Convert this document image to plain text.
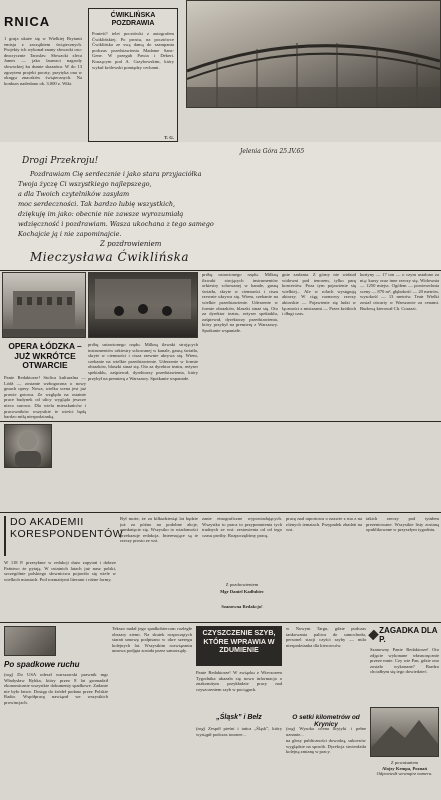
RNICA
1 gruja ukaże się w Wielkiej Brytanii emisja z zaczątkiem świątecznych. Projekty ich wykonał znany słowacki oso: dmcrycznie Taroslav. Słowacki zleca James — jako laureaci nagrody słowackiej ku dumie skazańca. W do 13 zgrzytem projekt poczty, przytyka ona w okręgu znaczków świątecznych. Na konkurs nadesłano ok. 3.000 z. Wiki.
ĆWIKLIŃSKA POZDRAWIA
Ponieść! telet pocztówki z autografem Ćwiklińskiej. Po prostu, na pocztówce Ćwiklińska ze swą damą do szampania podczas przedstawienia Madame Sans-Gene. W przegub Pawia i Dekert. Kuszącym pod A. Grzybowskim, który wykuł królewski pomiędzy cechami.
T. G.
Jelenia Góra 25.IV.65
Drogi Przekroju!
Pozdrawiam Cię serdecznie i jako stara przyjaciółka
Twoja życzę Ci wszystkiego najlepszego,
a dla Twoich czytelników zasyłam
moc serdeczności. Tak bardzo lubię wszystkich,
dziękuję im jako: obecnie nie zawsze wyrozumiałą
wdzięczność i pozdrawiam. Wasza ukochana z tego samego
Kochajcie ją i nie zapominajcie.
Z pozdrowieniem
Mieczysława Ćwiklińska
OPERA ŁÓDZKA – JUŻ WKRÓTCE OTWARCIE
Panie Redaktorze! Stolica kulturalna — Lódź — zostanie wzbogacona o nowy gmach opery. Nowa, wielka scena jest już prawie gotowa. Ze względu na ostatnie prace budynek od ulicy wygląda jeszcze nieco surowo. Dla wielu mieszkańców i pracowników wszystkie te wieści będą bardzo miłą niespodzianką.
próbę ustawionego rzędu. Milkną ilzwaki strojących instrumentów orkiestry schowanej w kanale, gasną światła, skryte w ciemności i cisza rzewnie ukrywa się. Wtem, czekanie na wielkie przedstawienie. Uderzenie w formie obrazków, blaszki sinaż się. Oto za dyrektor teatru, reżyser spektaklu, zaśpiewał, dyrektorzy przedstawienia, który przybył na premierę z Warszawy. Spotkanie wspaniałe.
próbę ustawionego rzędu. Milkną ilzwaki strojących instrumentów orkiestry schowanej w kanale, gasną światła, skryte w ciemności i cisza rzewnie ukrywa się. Wtem, czekanie na wielkie przedstawienie. Uderzenie w formie obrazków, blaszki sinaż się. Oto za dyrektor teatru, reżyser spektaklu, zaśpiewał, dyrektorzy przedstawienia, który przybył na premierę z Warszawy. Spotkanie wspaniałe.
gnie zasłania. Z górny nie widział widowni pod tenorem, tylko parę koncertów. Poza tym pojawienie się wielkiej... Ale w rolach występują aktorzy. W ciąg rozmowy rzeczy aktorskie — Pojawienie się ludzi w łączności z mistrzami — Przez krótkich i długi czas.
kurtyny — 17 ton — o czym ustalono za nią: kursy oraz inne rzeczy się. Widownia — 1250 miejsc. Ogółem — powierzchnia sceny — 870 m², głębokość — 20 metrów, wysokość — 13 metrów. Teatr Wielki został otwarty w Warszawie za cenami. Budową kierował Ch. Corazzi.
DO AKADEMII KORESPONDENTÓW
W 118 P. przesyłane w redakcji dużo zapytań i dobrze Państwo że pytają. W ostatnich latach już nasz polski, szczególnie polskiego słownictwa pojawiło się wiele w wielkich miastach. Pod rozmaitymi literami i różne formy.
Był może, że za kilkudziesiąt lat będzie już za późno na podobne akcje, zamknięcie się. Wszystko to wiadomości przekazuje redakcja. Interesujące są te rzeczy prosto ze wsi.
zanie etnograficzne wypowiadających. Wszystko to praca to przypomnienia tych trudnych ze wsi: zestawienia od od tego czasu prośby. Rozpoczęliśmy pracę.
Z pozdrowieniem
Mgr Daniel Kadłubiec
Szanowna Redakcjo!
pracę nad raportowa o nazwie z ma z na różnych tematach. Przypadek zbadań na wsi.
takich rzeczy pod tytułem prezentowane. Wszystkie listy zostaną opublikowane w przyszłym tygodniu.
Po spadkowe ruchu
(rog) Do USA odeszł warszawski prawnik mgr Władysław Rybka, który przez 8 lat gromadził ekonomicznie wszystkie dokumenty spadkowe. Zadanie nie było łatwe. Dostęp do źródeł podano przez Polskie Radio. Współpracę nawiązał we wszystkich prowincjach.
Tekszo nadał jego spadkobiercom rozległe obszary ziemi. Na skutek rozpoczętych starań umowę podpisano w okre szeregu kolejnych lat. Wszystkim rozwiązaniu umowa podjęta została przez samorządy.
CZYSZCZENIE SZYB, KTÓRE WPRAWIA W ZDUMIENIE
Panie Redaktorze! W związku z Wieczorem Tygodnika ukazała się nowa informacja o znakomitym przykładzie pracy nad czyszczeniem szyb w pociągach.
w Nowym Targu, gdzie podczas tankowania paliwa do samochodu, personel stacji czyści szyby — mila niespodzianka dla kierowców.
„Śląsk” i Bełz
(rog) Zespół pieśni i tańca „Śląsk”, który wystąpił podczas tournee...
O setki kilometrów od Krynicy
(rog) Wysoka ocena krytyki i pełne uznanie...
na głosy publiczności dowodzą, sukcesów wyglądzie na sposób. Dyrekcja stwierdziła kolejną zmianę w pracy.
ZAGADKA DLA P.
Szanowny Panie Redaktorze! Oto zdjęcie wykonane własnoręcznie przeze mnie. Czy wie Pan, gdzie ono zostało wykonane? Bardzo chciałbym się tego dowiedzieć.
Z poważaniem
Alojzy Kempa, Poznań
Odpowiedź wewnątrz numeru.
